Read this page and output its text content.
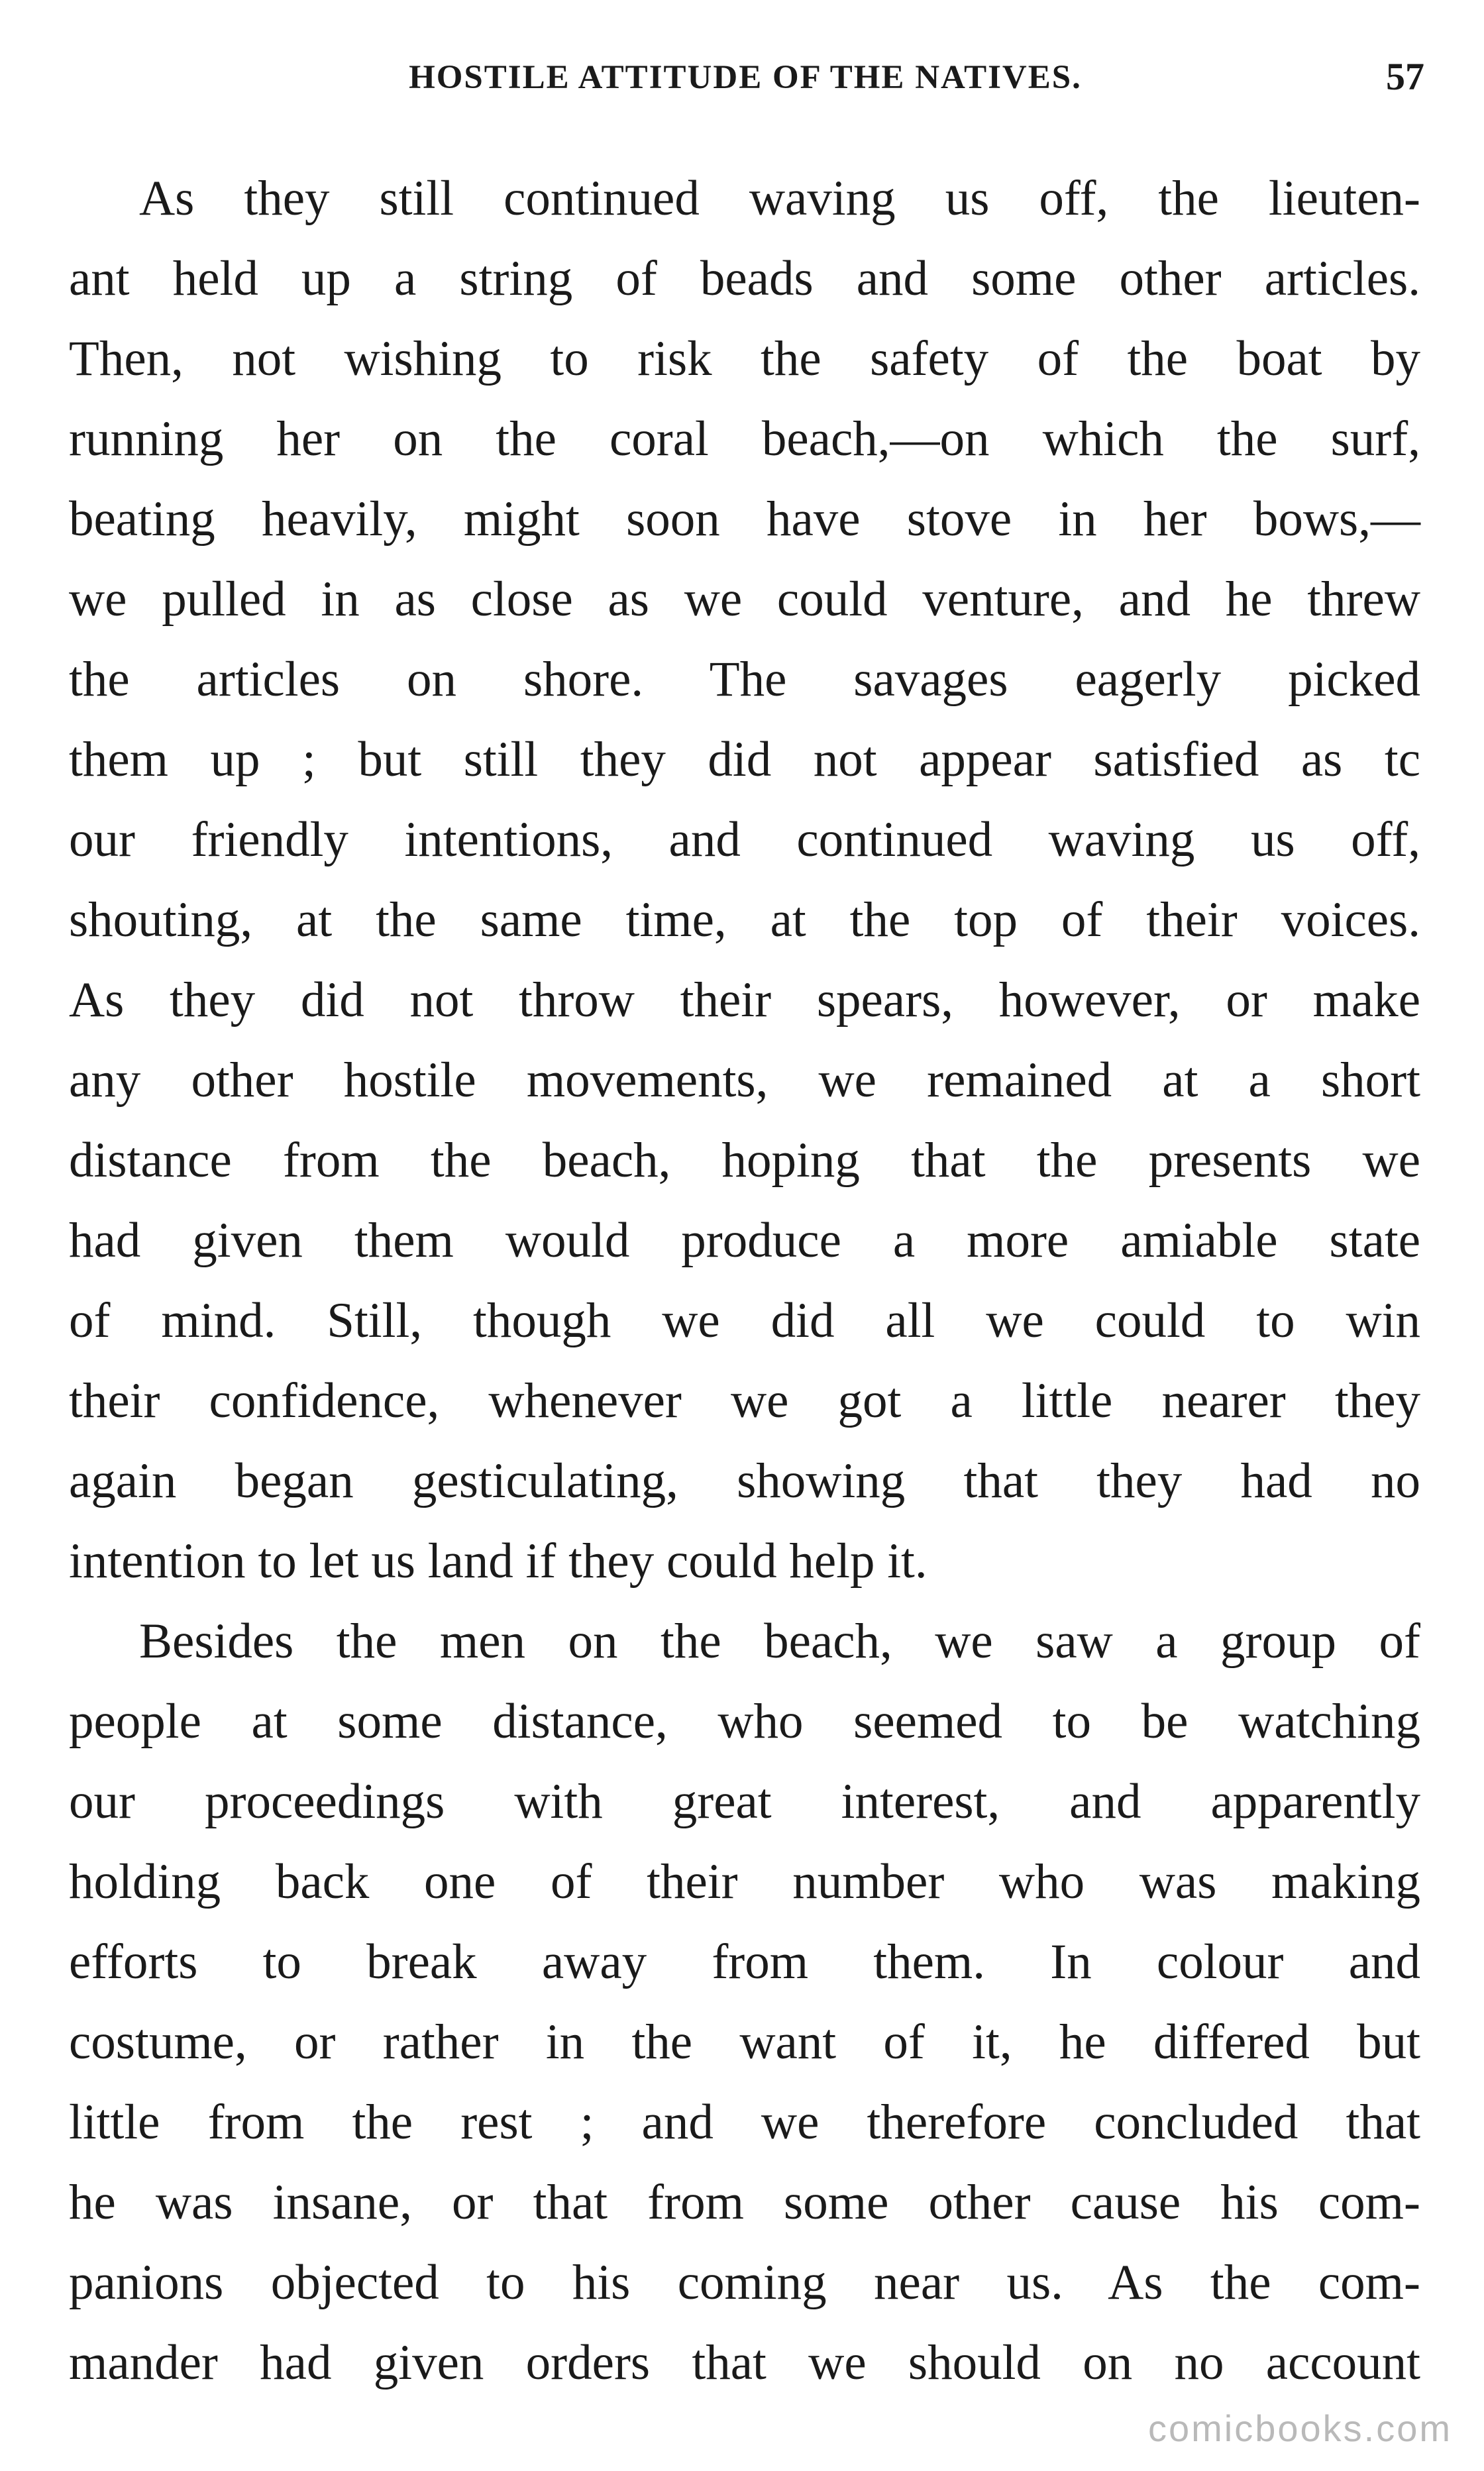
HOSTILE ATTITUDE OF THE NATIVES.	57
As they still continued waving us off, the lieuten-
ant held up a string of beads and some other articles.
Then, not wishing to risk the safety of the boat by
running her on the coral beach,—on which the surf,
beating heavily, might soon have stove in her bows,—
we pulled in as close as we could venture, and he threw
the articles on shore. The savages eagerly picked
them up ; but still they did not appear satisfied as tc
our friendly intentions, and continued waving us off,
shouting, at the same time, at the top of their voices.
As they did not throw their spears, however, or make
any other hostile movements, we remained at a short
distance from the beach, hoping that the presents we
had given them would produce a more amiable state
of mind. Still, though we did all we could to win
their confidence, whenever we got a little nearer they
again began gesticulating, showing that they had no
intention to let us land if they could help it.
Besides the men on the beach, we saw a group of
people at some distance, who seemed to be watching
our proceedings with great interest, and apparently
holding back one of their number who was making
efforts to break away from them. In colour and
costume, or rather in the want of it, he differed but
little from the rest ; and we therefore concluded that
he was insane, or that from some other cause his com-
panions objected to his coming near us. As the com-
mander had given orders that we should on no account
comicbooks.com
